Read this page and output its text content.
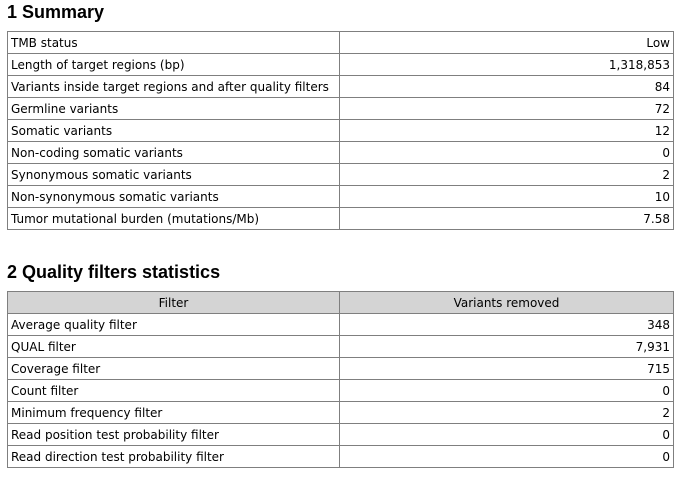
1 Summary
TMB status	Low
Length of target regions (bp)	1,318,853
Variants inside target regions and after quality filters	84
Germline variants	72
Somatic variants	12
Non-coding somatic variants	0
Synonymous somatic variants	2
Non-synonymous somatic variants	10
Tumor mutational burden (mutations/Mb)	7.58
2 Quality filters statistics
Filter	Variants removed
Average quality filter	348
QUAL filter	7,931
Coverage filter	715
Count filter	0
Minimum frequency filter	2
Read position test probability filter	0
Read direction test probability filter	0
